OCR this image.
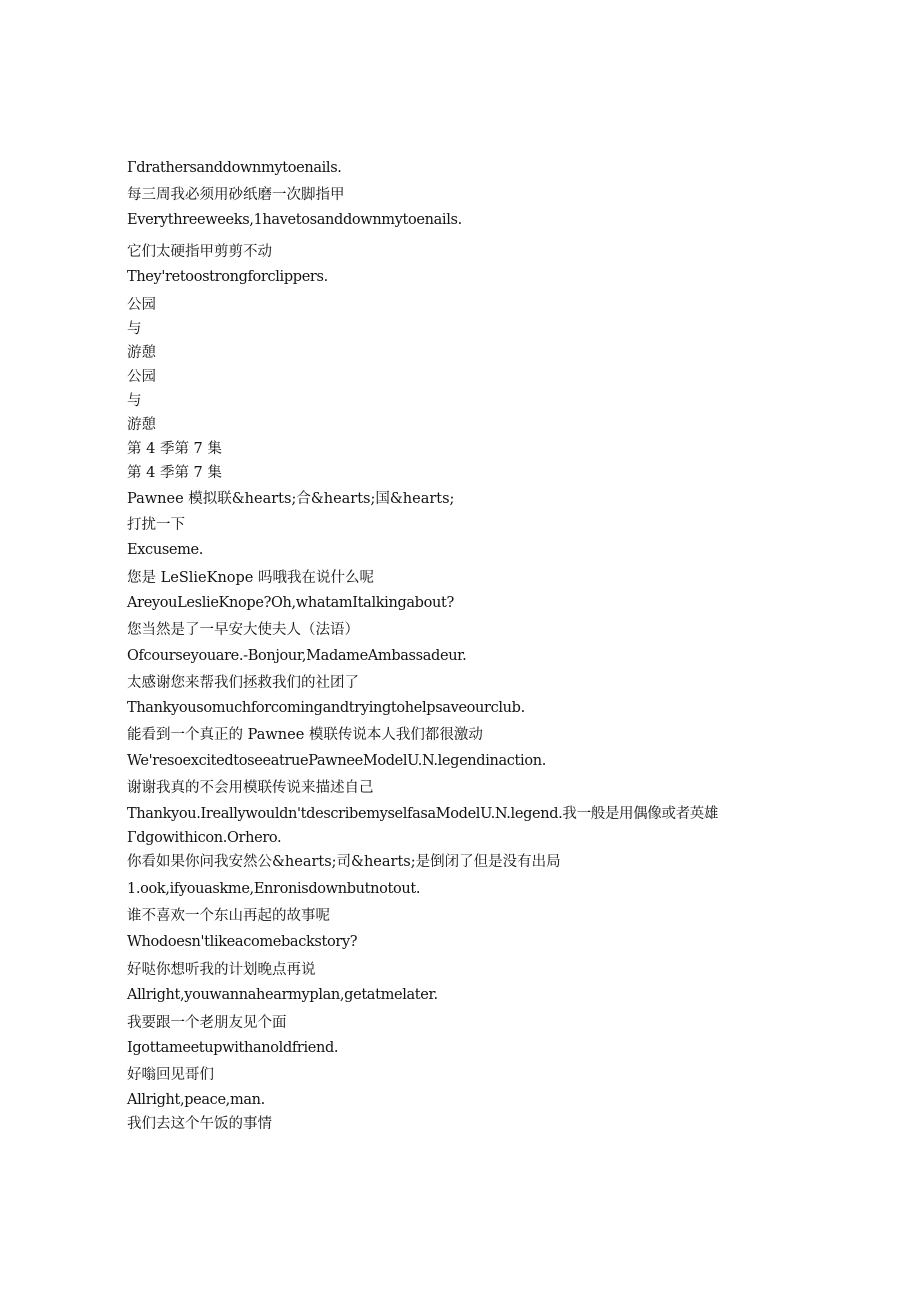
Гdrathersanddownmytoenails.

每三周我必须用砂纸磨一次脚指甲

Everythreeweeks,1havetosanddownmytoenails.

它们太硬指甲剪剪不动

They'retoostrongforclippers.

公园

与

游憩

公园

与

游憩

第 4 季第 7 集

第 4 季第 7 集

Pawnee 模拟联&hearts;合&hearts;国&hearts;

打扰一下

Excuseme.

您是 LeSlieKnope 吗哦我在说什么呢

AreyouLeslieKnope?Oh,whatamItalkingabout?

您当然是了一早安大使夫人（法语）

Ofcourseyouare.-Bonjour,MadameAmbassadeur.

太感谢您来帮我们拯救我们的社团了

Thankyousomuchforcomingandtryingtohelpsaveourclub.

能看到一个真正的 Pawnee 模联传说本人我们都很激动

We'resoexcitedtoseeatruePawneeModelU.N.legendinaction.

谢谢我真的不会用模联传说来描述自己

Thankyou.Ireallywouldn'tdescribemyselfasaModelU.N.legend.我一般是用偶像或者英雄

Гdgowithicon.Orhero.

你看如果你问我安然公&hearts;司&hearts;是倒闭了但是没有出局

1.ook,ifyouaskme,Enronisdownbutnotout.

谁不喜欢一个东山再起的故事呢

Whodoesn'tlikeacomebackstory?

好哒你想听我的计划晚点再说

Allright,youwannahearmyplan,getatmelater.

我要跟一个老朋友见个面

Igottameetupwithanoldfriend.

好嗡回见哥们

Allright,peace,man.

我们去这个午饭的事情
